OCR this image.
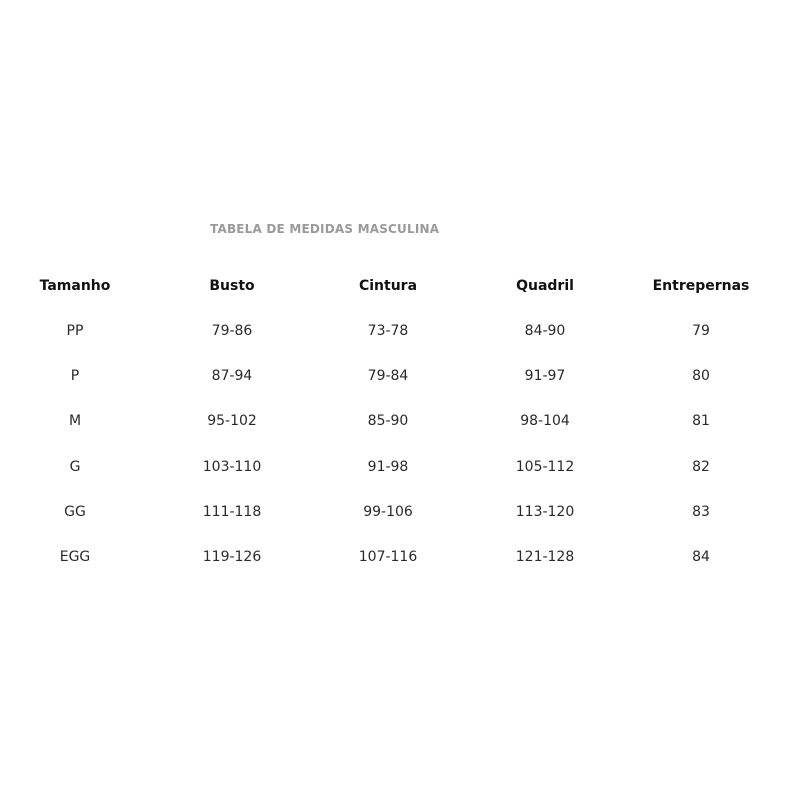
TABELA DE MEDIDAS MASCULINA
Tamanho	Busto	Cintura	Quadril	Entrepernas
PP	79-86	73-78	84-90	79
P	87-94	79-84	91-97	80
M	95-102	85-90	98-104	81
G	103-110	91-98	105-112	82
GG	111-118	99-106	113-120	83
EGG	119-126	107-116	121-128	84
